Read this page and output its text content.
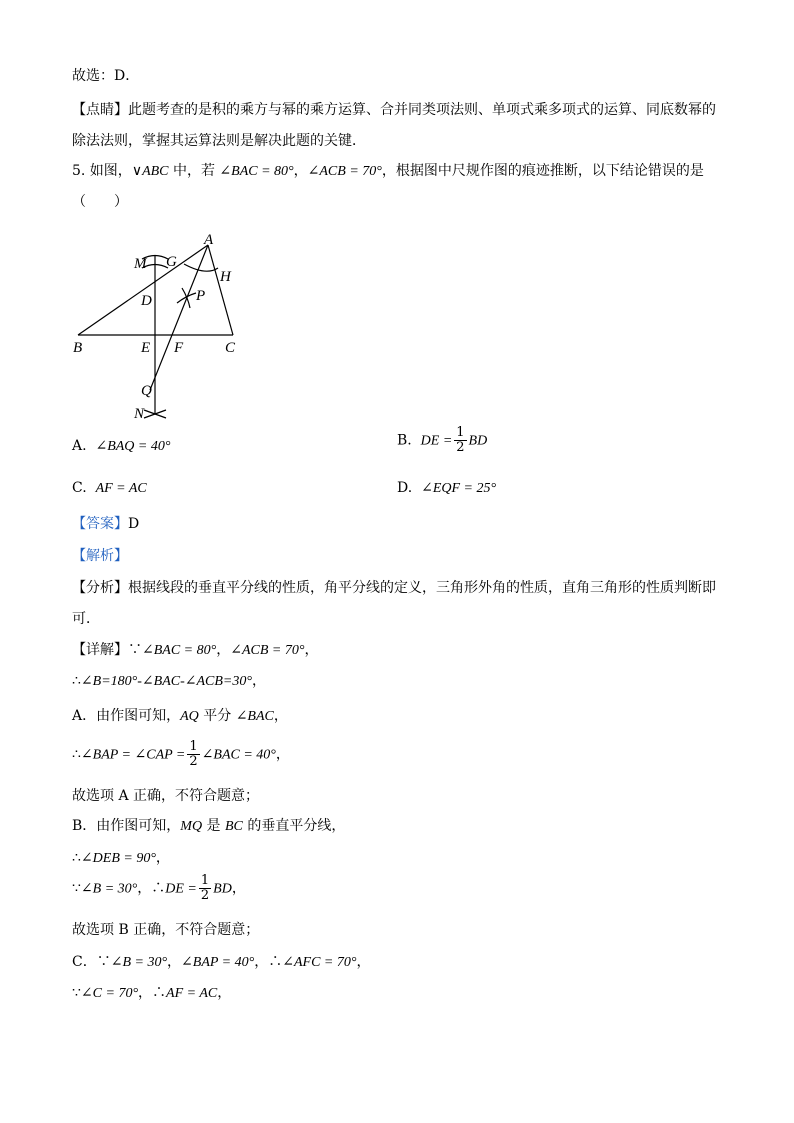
故选：D．
【点睛】此题考查的是积的乘方与幂的乘方运算、合并同类项法则、单项式乘多项式的运算、同底数幂的
除法法则，掌握其运算法则是解决此题的关键．
5. 如图，∨ABC 中，若 ∠BAC = 80°，∠ACB = 70°，根据图中尺规作图的痕迹推断，以下结论错误的是
（　　）
A
B	C
D
E F
G
H
M
N
P
Q
A. ∠BAQ = 40°	B. DE = $\frac{1}{2}$ BD
C. AF = AC	D. ∠EQF = 25°
【答案】D
【解析】
【分析】根据线段的垂直平分线的性质，角平分线的定义，三角形外角的性质，直角三角形的性质判断即
可．
【详解】∵∠BAC = 80°，∠ACB = 70°，
∴∠B=180°-∠BAC-∠ACB=30°，
A．由作图可知，AQ 平分 ∠BAC，
∴∠BAP = ∠CAP = $\frac{1}{2}$ ∠BAC = 40°，
故选项 A 正确，不符合题意；
B．由作图可知，MQ 是 BC 的垂直平分线，
∴∠DEB = 90°，
∵∠B = 30°，∴DE = $\frac{1}{2}$ BD，
故选项 B 正确，不符合题意；
C．∵∠B = 30°，∠BAP = 40°，∴∠AFC = 70°，
∵∠C = 70°，∴AF = AC，
